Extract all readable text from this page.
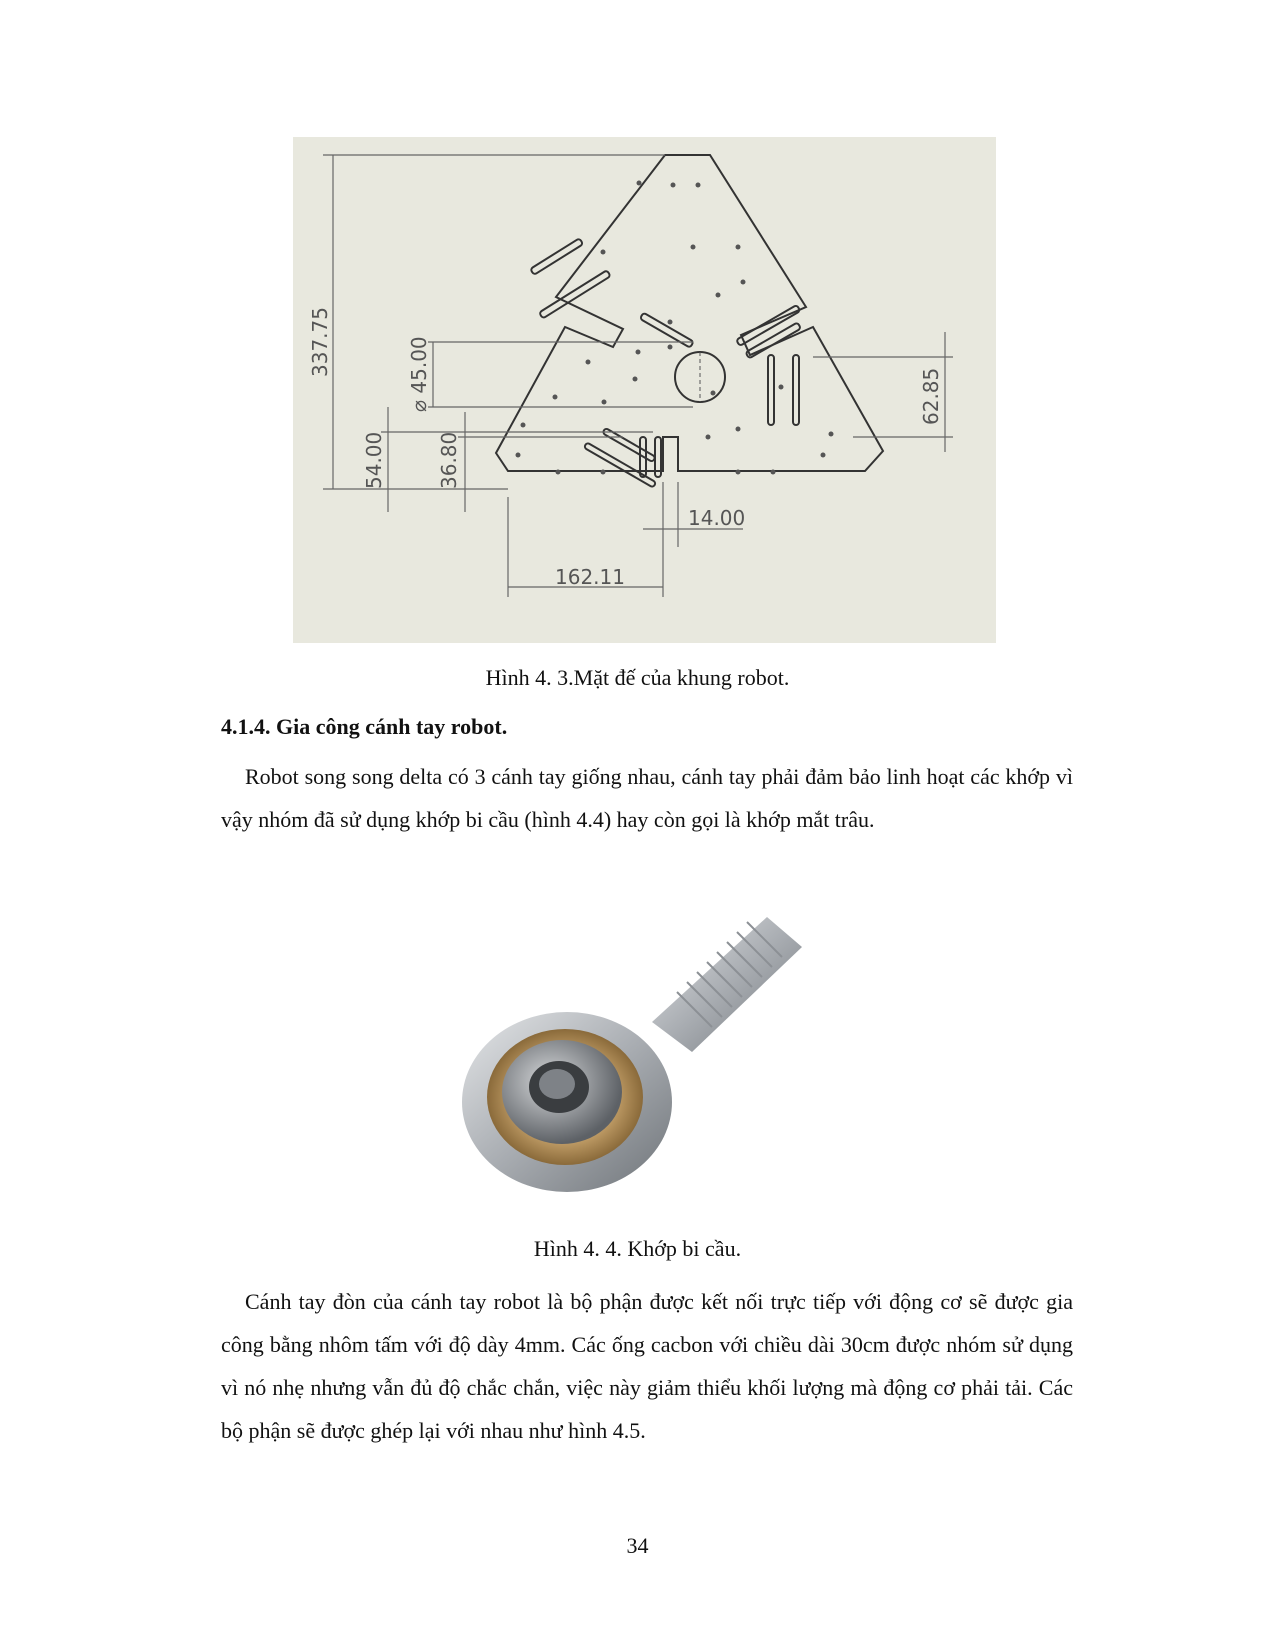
337.75
⌀ 45.00
54.00	36.80
62.85
14.00
162.11
Hình 4. 3.Mặt đế của khung robot.
4.1.4. Gia công cánh tay robot.
Robot song song delta có 3 cánh tay giống nhau, cánh tay phải đảm bảo linh hoạt các khớp vì vậy nhóm đã sử dụng khớp bi cầu (hình 4.4) hay còn gọi là khớp mắt trâu.
Hình 4. 4. Khớp bi cầu.
Cánh tay đòn của cánh tay robot là bộ phận được kết nối trực tiếp với động cơ sẽ được gia công bằng nhôm tấm với độ dày 4mm. Các ống cacbon với chiều dài 30cm được nhóm sử dụng vì nó nhẹ nhưng vẫn đủ độ chắc chắn, việc này giảm thiểu khối lượng mà động cơ phải tải. Các bộ phận sẽ được ghép lại với nhau như hình 4.5.
34
